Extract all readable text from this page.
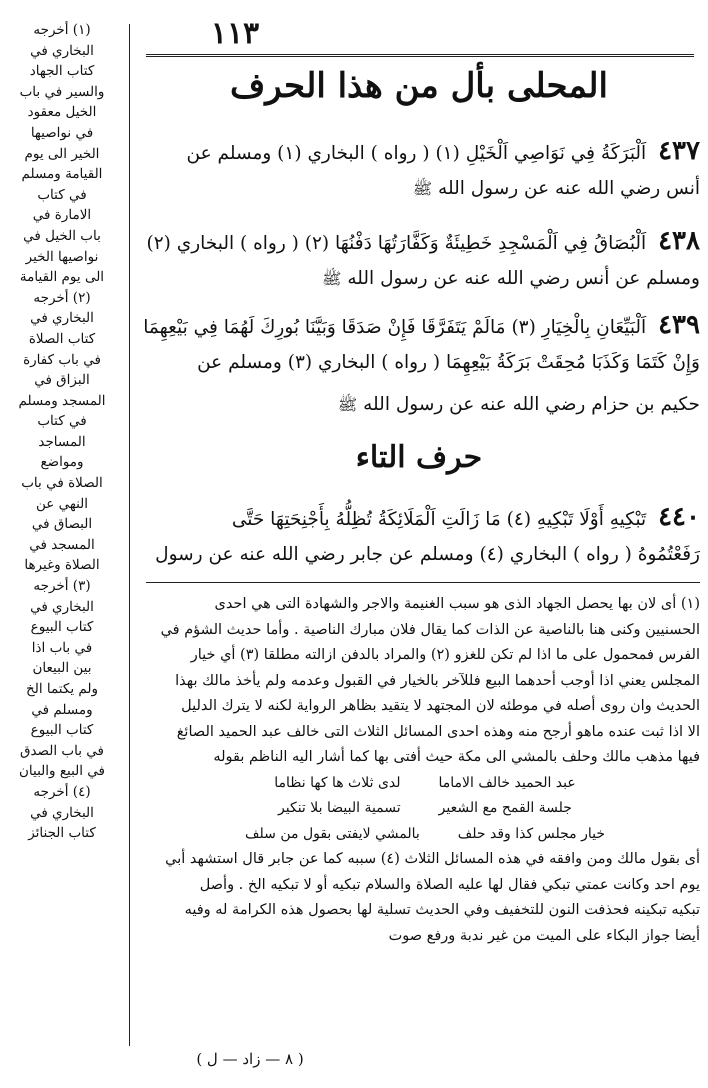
(١) أخرجه
البخاري في
كتاب الجهاد
والسير في باب
الخيل معقود
في نواصيها
الخير الى يوم
القيامة ومسلم
في كتاب
الامارة في
باب الخيل في
نواصيها الخير
الى يوم القيامة
(٢) أخرجه
البخاري في
كتاب الصلاة
في باب كفارة
البزاق في
المسجد ومسلم
في كتاب
المساجد
ومواضع
الصلاة في باب
النهي عن
البصاق في
المسجد في
الصلاة وغيرها
(٣) أخرجه
البخاري في
كتاب البيوع
في باب اذا
بين البيعان
ولم يكتما الخ
ومسلم في
كتاب البيوع
في باب الصدق
في البيع والبيان
(٤) أخرجه
البخاري في
كتاب الجنائز
١١٣
المحلى بأل من هذا الحرف
٤٣٧ اَلْبَرَكَةُ فِي نَوَاصِي اَلْخَيْلِ (١) ( رواه ) البخاري (١) ومسلم عن
أنس رضي الله عنه عن رسول الله ﷺ
٤٣٨ اَلْبُصَاقُ فِي اَلْمَسْجِدِ خَطِيئَةٌ وَكَفَّارَتُهَا دَفْنُهَا (٢) ( رواه ) البخاري (٢)
ومسلم عن أنس رضي الله عنه عن رسول الله ﷺ
٤٣٩ اَلْبَيِّعَانِ بِالْخِيَارِ (٣) مَالَمْ يَتَفَرَّقَا فَإِنْ صَدَقَا وَبَيَّنَا بُورِكَ لَهُمَا فِي بَيْعِهِمَا
وَإِنْ كَتَمَا وَكَذَبَا مُحِقَتْ بَرَكَةُ بَيْعِهِمَا ( رواه ) البخاري (٣) ومسلم عن
حكيم بن حزام رضي الله عنه عن رسول الله ﷺ
٤٤٠ تَبْكِيهِ أَوْلَا تَبْكِيهِ (٤) مَا زَالَتِ اَلْمَلَائِكَةُ تُظِلُّهُ بِأَجْنِحَتِهَا حَتَّى
رَفَعْتُمُوهُ ( رواه ) البخاري (٤) ومسلم عن جابر رضي الله عنه عن رسول
حرف التاء
(١) أى لان بها يحصل الجهاد الذى هو سبب الغنيمة والاجر والشهادة التى هي احدى
الحسنيين وكنى هنا بالناصية عن الذات كما يقال فلان مبارك الناصية . وأما حديث الشؤم في
الفرس فمحمول على ما اذا لم تكن للغزو (٢) والمراد بالدفن ازالته مطلقا (٣) أي خيار
المجلس يعني اذا أوجب أحدهما البيع فللآخر بالخيار في القبول وعدمه ولم يأخذ مالك بهذا
الحديث وان روى أصله في موطئه لان المجتهد لا يتقيد بظاهر الرواية لكنه لا يترك الدليل
الا اذا ثبت عنده ماهو أرجح منه وهذه احدى المسائل الثلاث التى خالف عبد الحميد الصائغ
فيها مذهب مالك وحلف بالمشي الى مكة حيث أفتى بها كما أشار اليه الناظم بقوله
عبد الحميد خالف الاماما
لدى ثلاث ها كها نظاما
جلسة القمح مع الشعير
تسمية البيضا بلا تنكير
خيار مجلس كذا وقد حلف
بالمشي لايفتى بقول من سلف
أى بقول مالك ومن وافقه في هذه المسائل الثلاث (٤) سببه كما عن جابر قال استشهد أبي
يوم احد وكانت عمتي تبكي فقال لها عليه الصلاة والسلام تبكيه أو لا تبكيه الخ . وأصل
تبكيه تبكينه فحذفت النون للتخفيف وفي الحديث تسلية لها بحصول هذه الكرامة له وفيه
أيضا جواز البكاء على الميت من غير ندبة ورفع صوت
( ٨ — زاد — ل )
